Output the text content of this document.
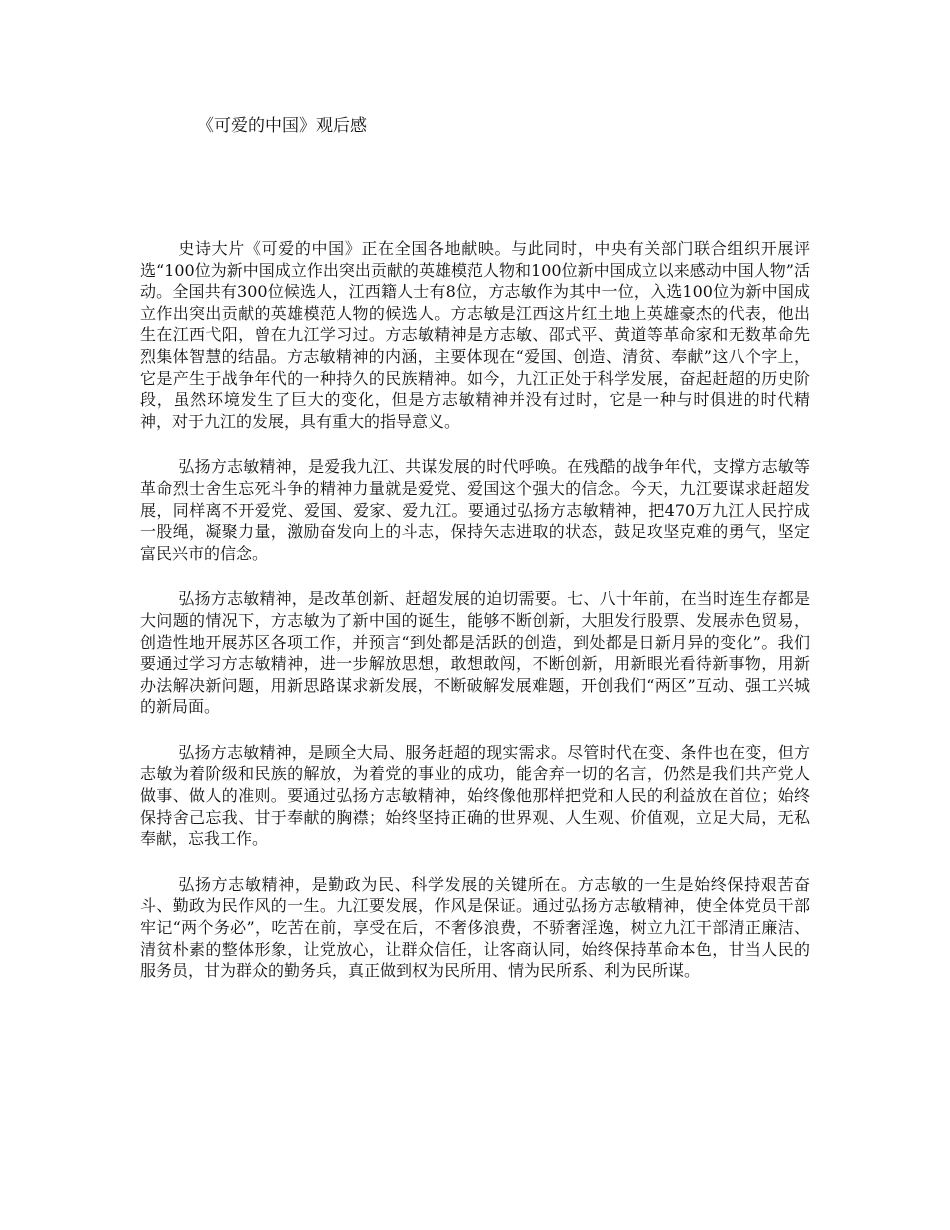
《可爱的中国》观后感

史诗大片《可爱的中国》正在全国各地献映。与此同时，中央有关部门联合组织开展评选“100位为新中国成立作出突出贡献的英雄模范人物和100位新中国成立以来感动中国人物”活动。全国共有300位候选人，江西籍人士有8位，方志敏作为其中一位，入选100位为新中国成立作出突出贡献的英雄模范人物的候选人。方志敏是江西这片红土地上英雄豪杰的代表，他出生在江西弋阳，曾在九江学习过。方志敏精神是方志敏、邵式平、黄道等革命家和无数革命先烈集体智慧的结晶。方志敏精神的内涵，主要体现在“爱国、创造、清贫、奉献”这八个字上，它是产生于战争年代的一种持久的民族精神。如今，九江正处于科学发展，奋起赶超的历史阶段，虽然环境发生了巨大的变化，但是方志敏精神并没有过时，它是一种与时俱进的时代精神，对于九江的发展，具有重大的指导意义。

弘扬方志敏精神，是爱我九江、共谋发展的时代呼唤。在残酷的战争年代，支撑方志敏等革命烈士舍生忘死斗争的精神力量就是爱党、爱国这个强大的信念。今天，九江要谋求赶超发展，同样离不开爱党、爱国、爱家、爱九江。要通过弘扬方志敏精神，把470万九江人民拧成一股绳，凝聚力量，激励奋发向上的斗志，保持矢志进取的状态，鼓足攻坚克难的勇气，坚定富民兴市的信念。

弘扬方志敏精神，是改革创新、赶超发展的迫切需要。七、八十年前，在当时连生存都是大问题的情况下，方志敏为了新中国的诞生，能够不断创新，大胆发行股票、发展赤色贸易，创造性地开展苏区各项工作，并预言“到处都是活跃的创造，到处都是日新月异的变化”。我们要通过学习方志敏精神，进一步解放思想，敢想敢闯，不断创新，用新眼光看待新事物，用新办法解决新问题，用新思路谋求新发展，不断破解发展难题，开创我们“两区”互动、强工兴城的新局面。

弘扬方志敏精神，是顾全大局、服务赶超的现实需求。尽管时代在变、条件也在变，但方志敏为着阶级和民族的解放，为着党的事业的成功，能舍弃一切的名言，仍然是我们共产党人做事、做人的准则。要通过弘扬方志敏精神，始终像他那样把党和人民的利益放在首位；始终保持舍己忘我、甘于奉献的胸襟；始终坚持正确的世界观、人生观、价值观，立足大局，无私奉献，忘我工作。

弘扬方志敏精神，是勤政为民、科学发展的关键所在。方志敏的一生是始终保持艰苦奋斗、勤政为民作风的一生。九江要发展，作风是保证。通过弘扬方志敏精神，使全体党员干部牢记“两个务必”，吃苦在前，享受在后，不奢侈浪费，不骄奢淫逸，树立九江干部清正廉洁、清贫朴素的整体形象，让党放心，让群众信任，让客商认同，始终保持革命本色，甘当人民的服务员，甘为群众的勤务兵，真正做到权为民所用、情为民所系、利为民所谋。
